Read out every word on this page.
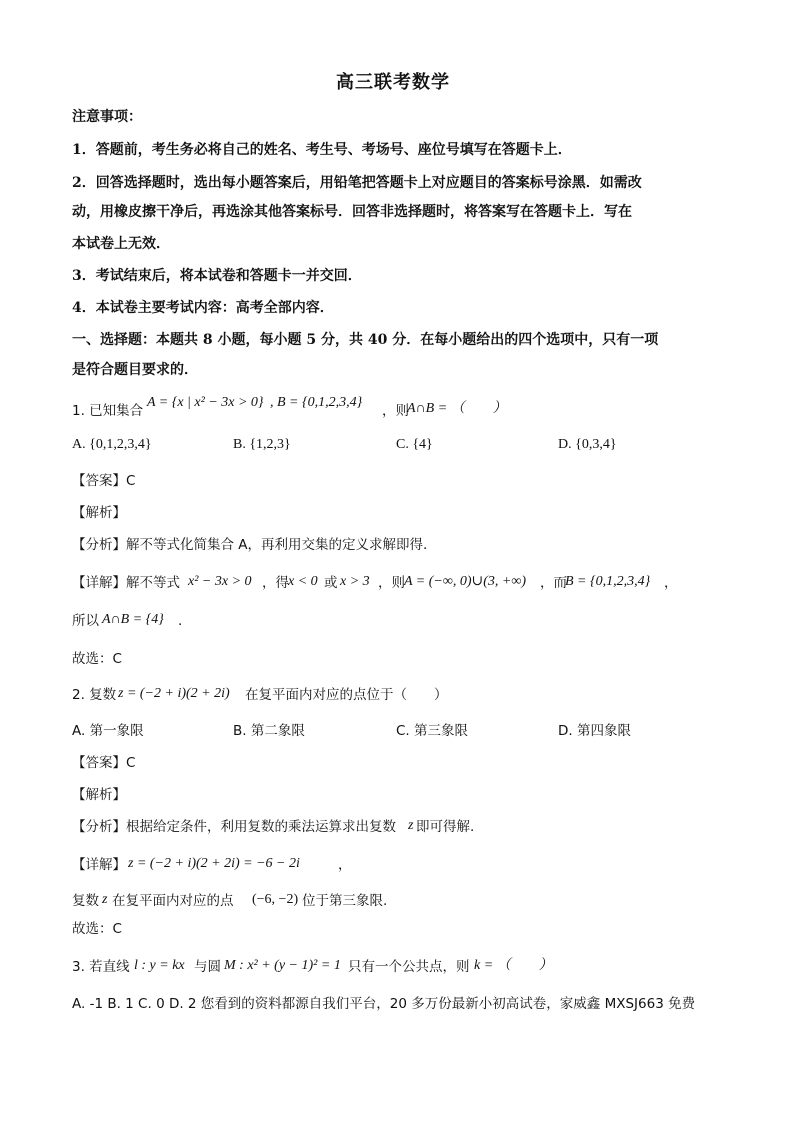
高三联考数学
注意事项：
1．答题前，考生务必将自己的姓名、考生号、考场号、座位号填写在答题卡上．
2．回答选择题时，选出每小题答案后，用铅笔把答题卡上对应题目的答案标号涂黑．如需改
动，用橡皮擦干净后，再选涂其他答案标号．回答非选择题时，将答案写在答题卡上．写在
本试卷上无效．
3．考试结束后，将本试卷和答题卡一并交回．
4．本试卷主要考试内容：高考全部内容．
一、选择题：本题共 8 小题，每小题 5 分，共 40 分．在每小题给出的四个选项中，只有一项
是符合题目要求的．
1. 已知集合
A = {x | x² − 3x > 0} , B = {0,1,2,3,4}
，则
A∩B = （　　）
A. {0,1,2,3,4}	B. {1,2,3}	C. {4}	D. {0,3,4}
【答案】C
【解析】
【分析】解不等式化简集合 A，再利用交集的定义求解即得.
【详解】解不等式 x² − 3x > 0 ，得 x < 0 或 x > 3 ，则 A = (−∞, 0)∪(3, +∞) ，而
B = {0,1,2,3,4} ，
所以 A∩B = {4} .
故选：C
2. 复数 z = (−2 + i)(2 + 2i) 在复平面内对应的点位于（　　）
A. 第一象限	B. 第二象限	C. 第三象限	D. 第四象限
【答案】C
【解析】
【分析】根据给定条件，利用复数的乘法运算求出复数 z 即可得解.
【详解】 z = (−2 + i)(2 + 2i) = −6 − 2i	，
复数 z 在复平面内对应的点 (−6, −2) 位于第三象限.
故选：C
3. 若直线 l : y = kx 与圆 M : x² + (y − 1)² = 1 只有一个公共点，则 k = （　　）
A. -1 B. 1 C. 0 D. 2 您看到的资料都源自我们平台，20 多万份最新小初高试卷，家威鑫 MXSJ663 免费
